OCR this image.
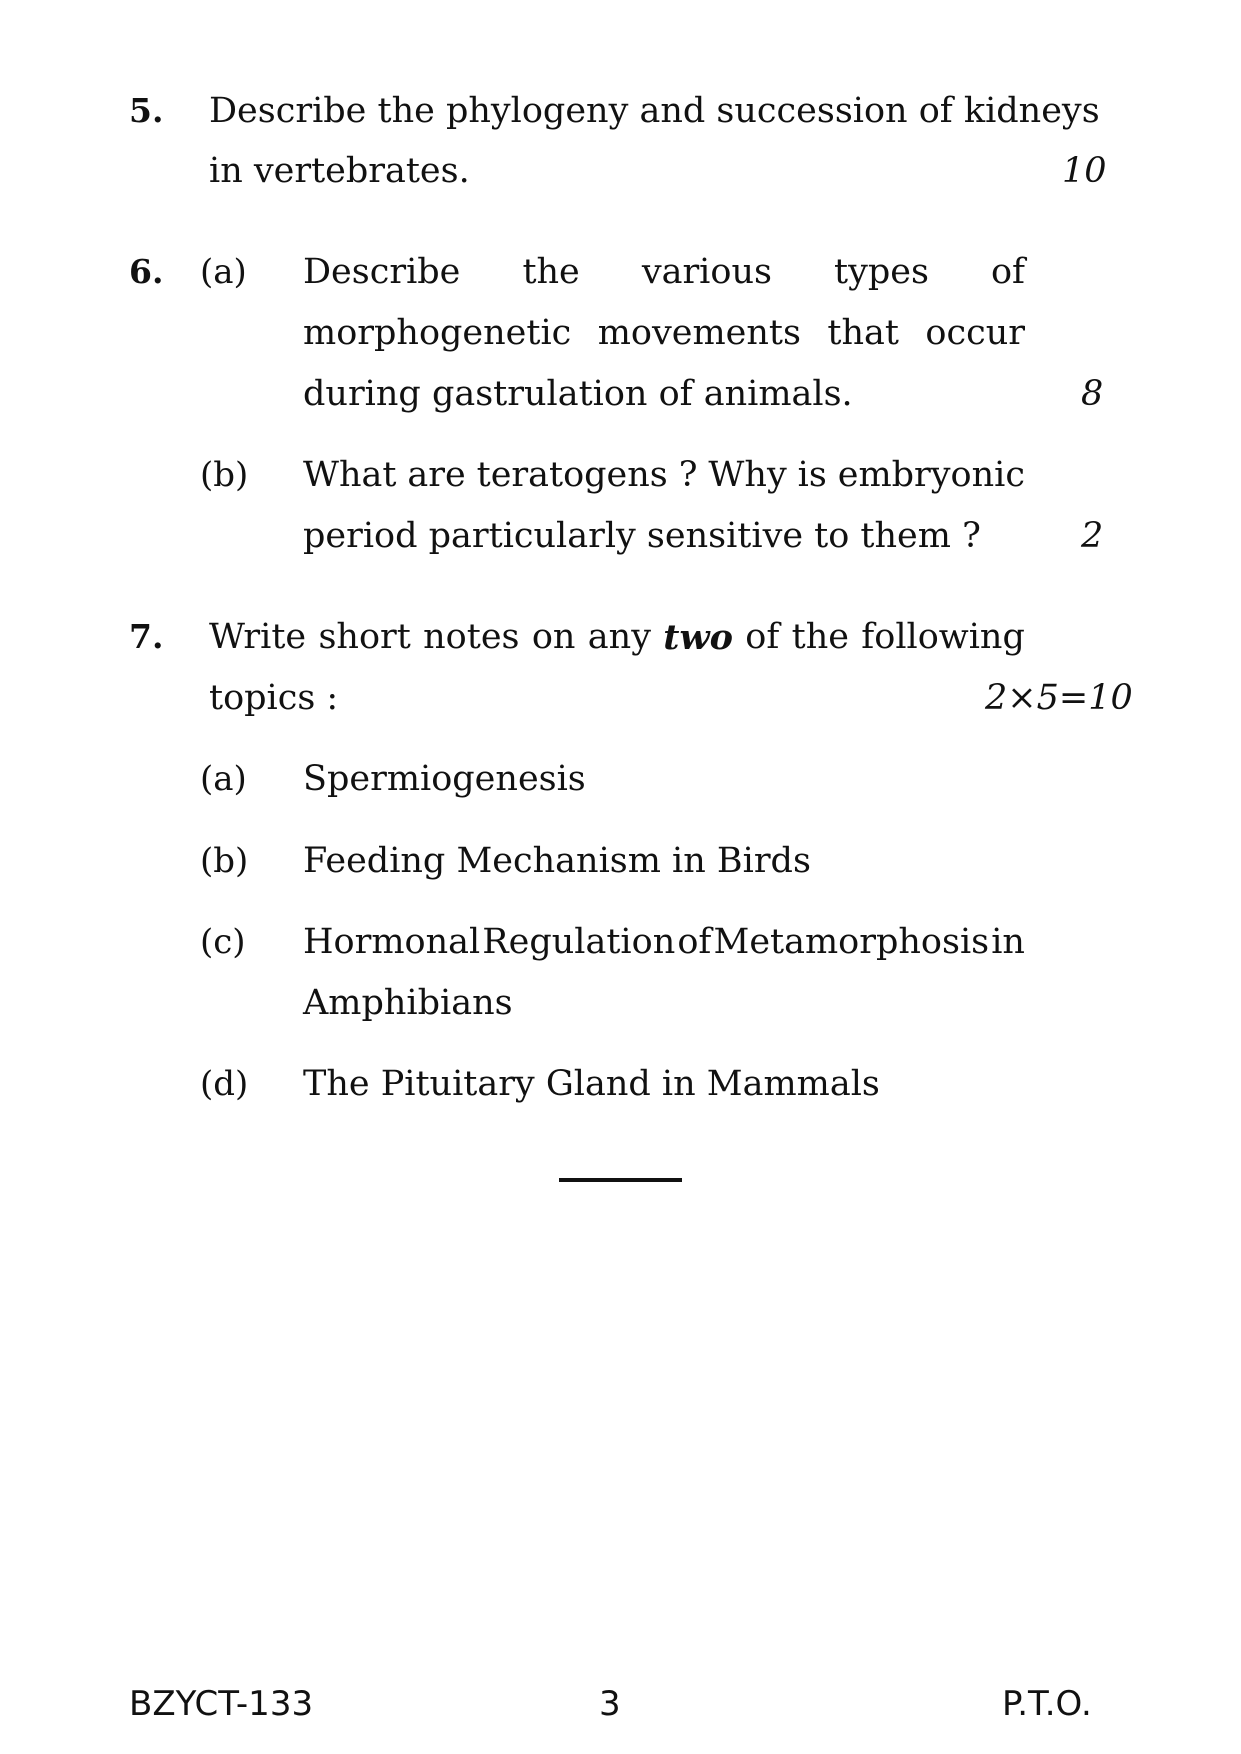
5. Describe the phylogeny and succession of kidneys
in vertebrates.	10
6. (a) Describe the various types of
morphogenetic movements that occur
during gastrulation of animals.	8
(b) What are teratogens ? Why is embryonic
period particularly sensitive to them ?	2
7. Write short notes on any two of the following
topics :	2×5=10
(a) Spermiogenesis
(b) Feeding Mechanism in Birds
(c) Hormonal Regulation of Metamorphosis in
Amphibians
(d) The Pituitary Gland in Mammals
BZYCT-133	3	P.T.O.
